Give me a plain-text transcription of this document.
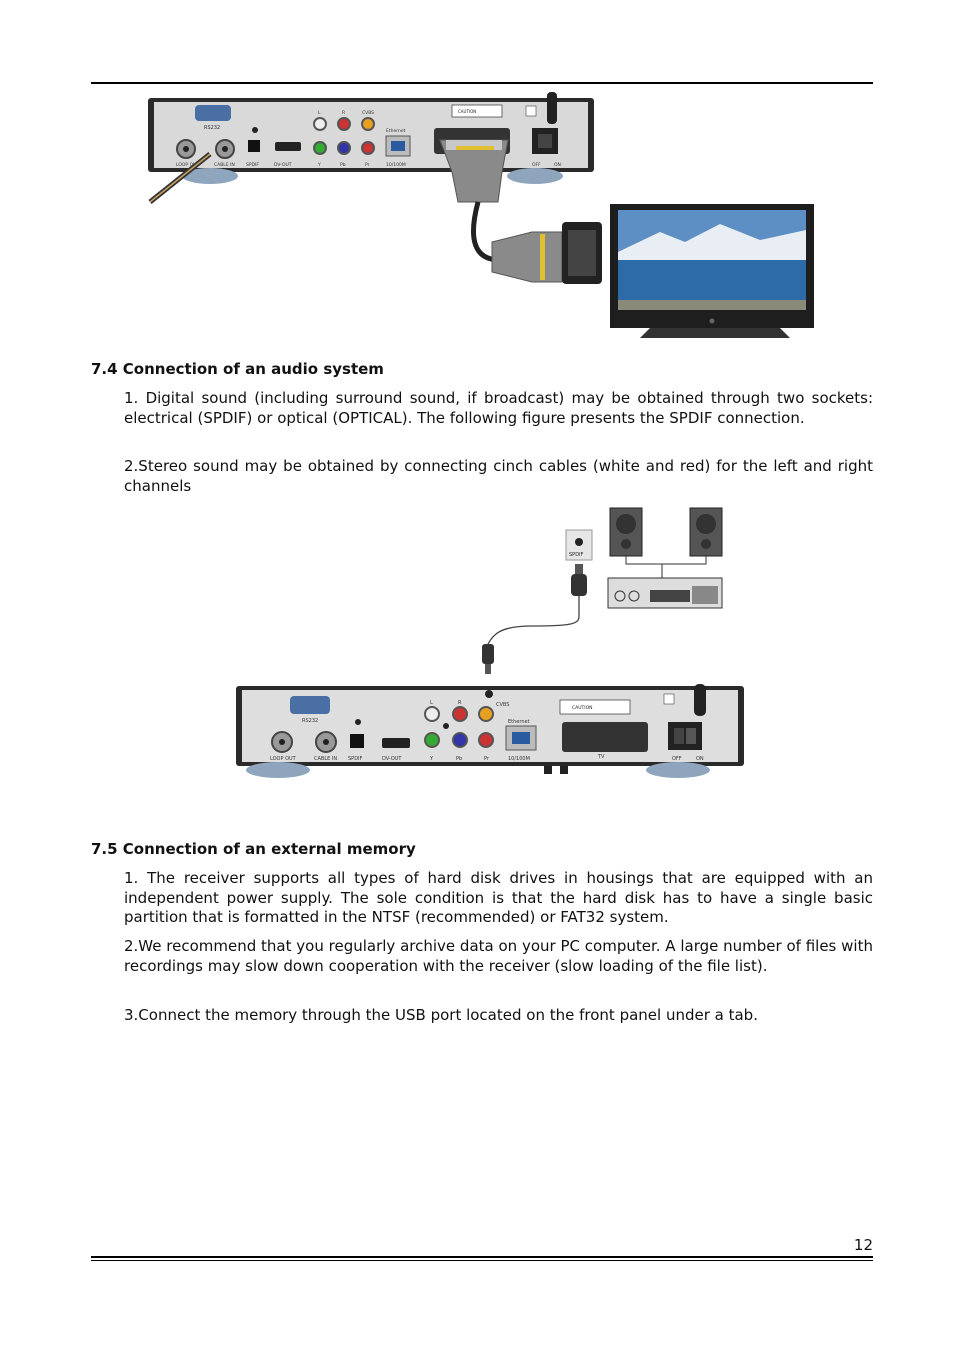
RS232
LOOP OUT	CABLE IN SPDIF	DV-OUT
L	R	CVBS
Y	Pb	Pr
Ethernet
10/100M
CAUTION
OFF	ON
7.4 Connection of an audio system
1. Digital sound (including surround sound, if broadcast) may be obtained through two sockets: electrical (SPDIF) or optical (OPTICAL). The following figure presents the SPDIF connection.
2.Stereo sound may be obtained by connecting cinch cables (white and red) for the left and right channels
SPDIF
RS232
LOOP OUT	CABLE IN SPDIF	DV-OUT
L	R	CVBS
Y	Pb	Pr
Ethernet
10/100M	TV
CAUTION
OFF	ON
7.5 Connection of an external memory
1. The receiver supports all types of hard disk drives in housings that are equipped with an independent power supply. The sole condition is that the hard disk has to have a single basic partition that is formatted in the NTSF (recommended) or FAT32 system.
2.We recommend that you regularly archive data on your PC computer. A large number of files with recordings may slow down cooperation with the receiver (slow loading of the file list).
3.Connect the memory through the USB port located on the front panel under a tab.
12
